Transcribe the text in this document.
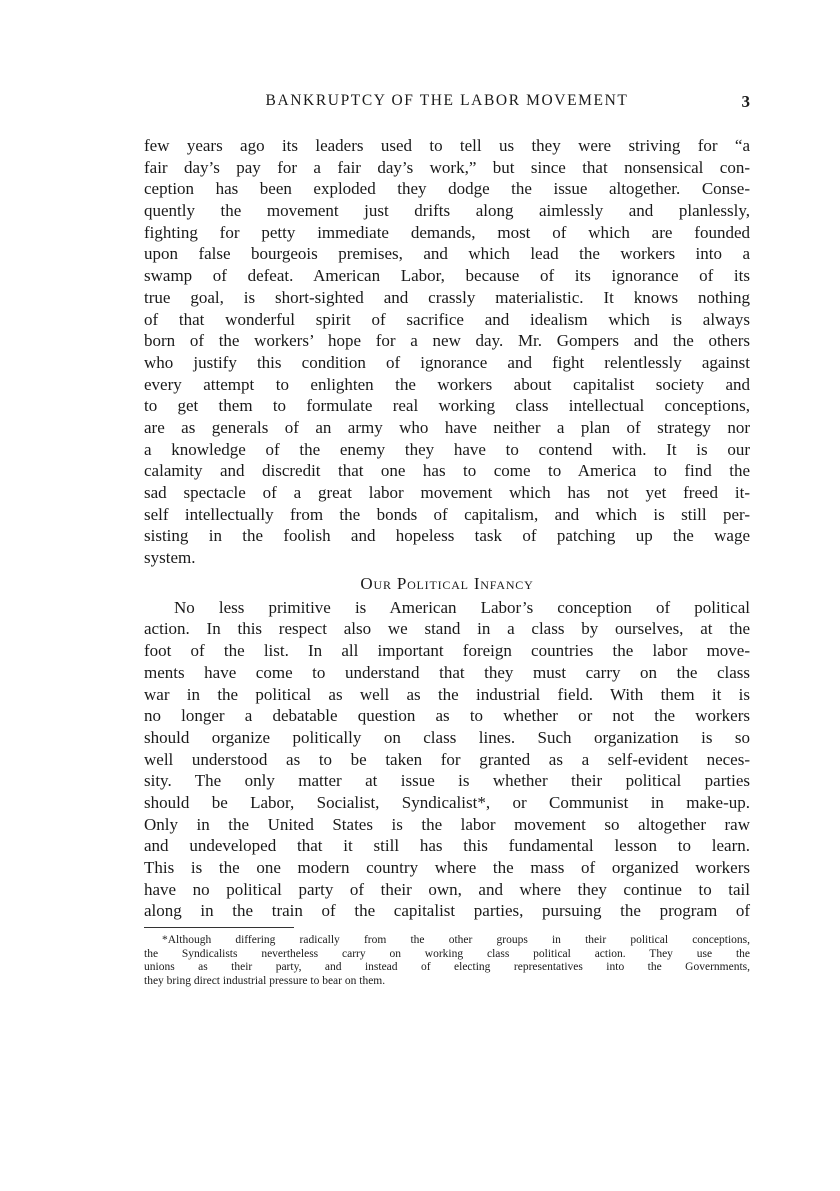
BANKRUPTCY OF THE LABOR MOVEMENT	3
few years ago its leaders used to tell us they were striving for “a
fair day’s pay for a fair day’s work,” but since that nonsensical con-
ception has been exploded they dodge the issue altogether. Conse-
quently the movement just drifts along aimlessly and planlessly,
fighting for petty immediate demands, most of which are founded
upon false bourgeois premises, and which lead the workers into a
swamp of defeat. American Labor, because of its ignorance of its
true goal, is short-sighted and crassly materialistic. It knows nothing
of that wonderful spirit of sacrifice and idealism which is always
born of the workers’ hope for a new day. Mr. Gompers and the others
who justify this condition of ignorance and fight relentlessly against
every attempt to enlighten the workers about capitalist society and
to get them to formulate real working class intellectual conceptions,
are as generals of an army who have neither a plan of strategy nor
a knowledge of the enemy they have to contend with. It is our
calamity and discredit that one has to come to America to find the
sad spectacle of a great labor movement which has not yet freed it-
self intellectually from the bonds of capitalism, and which is still per-
sisting in the foolish and hopeless task of patching up the wage
system.
Our Political Infancy
No less primitive is American Labor’s conception of political
action. In this respect also we stand in a class by ourselves, at the
foot of the list. In all important foreign countries the labor move-
ments have come to understand that they must carry on the class
war in the political as well as the industrial field. With them it is
no longer a debatable question as to whether or not the workers
should organize politically on class lines. Such organization is so
well understood as to be taken for granted as a self-evident neces-
sity. The only matter at issue is whether their political parties
should be Labor, Socialist, Syndicalist*, or Communist in make-up.
Only in the United States is the labor movement so altogether raw
and undeveloped that it still has this fundamental lesson to learn.
This is the one modern country where the mass of organized workers
have no political party of their own, and where they continue to tail
along in the train of the capitalist parties, pursuing the program of
*Although differing radically from the other groups in their political conceptions,
the Syndicalists nevertheless carry on working class political action. They use the
unions as their party, and instead of electing representatives into the Governments,
they bring direct industrial pressure to bear on them.
